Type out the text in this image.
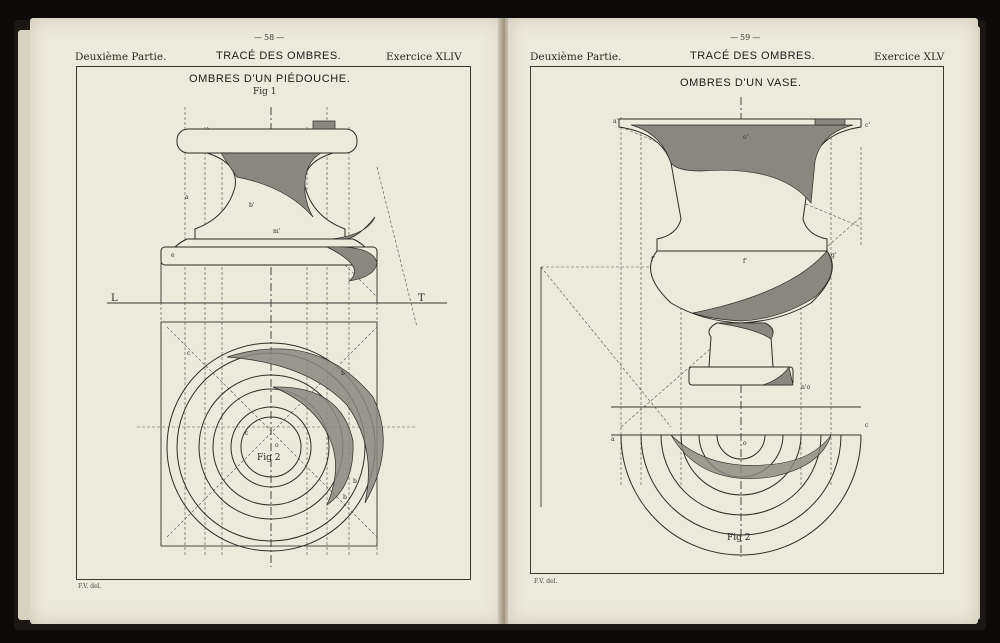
— 58 —
Deuxième Partie.	TRACÉ DES OMBRES.	Exercice XLIV
OMBRES D'UN PIÉDOUCHE.
Fig 1
L	T
Fig 2
a
b'
m'
e
c
b
c
b
o
b
F.V. del.
— 59 —
Deuxième Partie.	TRACÉ DES OMBRES.	Exercice XLV
OMBRES D'UN VASE.
Fig 2
a'
c'
o'
f'
g'
f'
n'o
a
c
o
F.V. del.
